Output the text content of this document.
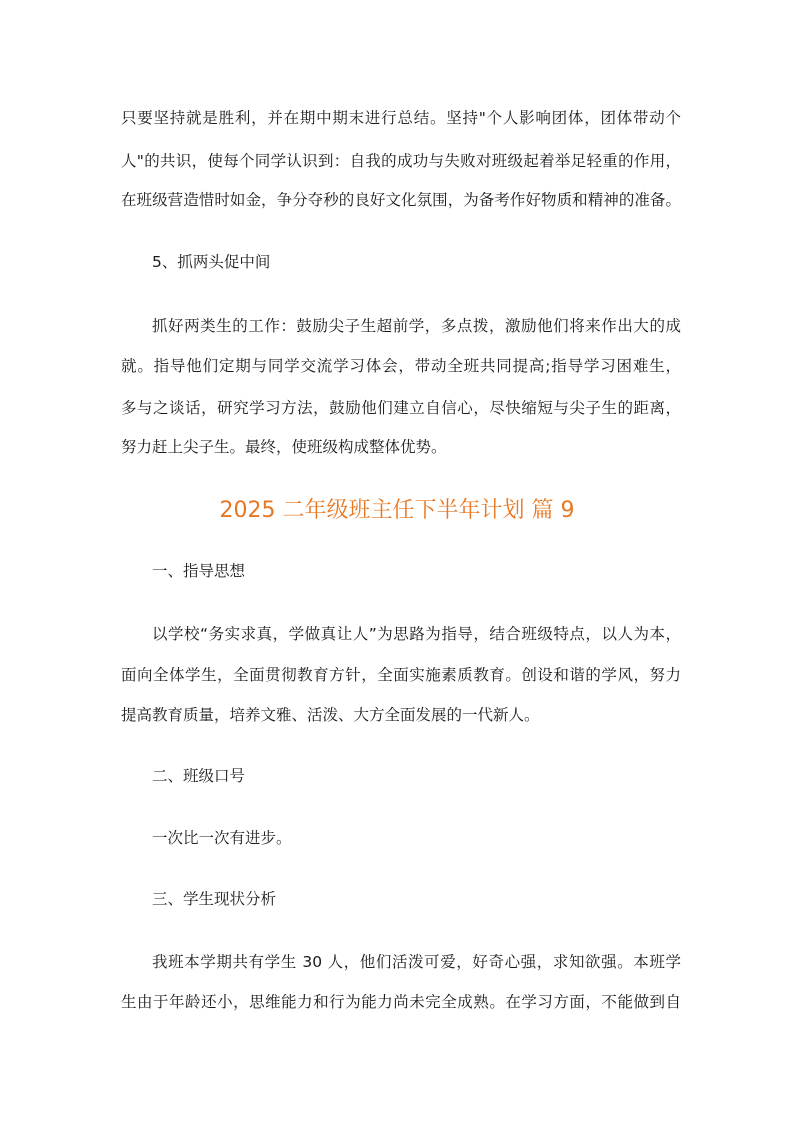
只要坚持就是胜利，并在期中期末进行总结。坚持"个人影响团体，团体带动个
人"的共识，使每个同学认识到：自我的成功与失败对班级起着举足轻重的作用，
在班级营造惜时如金，争分夺秒的良好文化氛围，为备考作好物质和精神的准备。
5、抓两头促中间
抓好两类生的工作：鼓励尖子生超前学，多点拨，激励他们将来作出大的成
就。指导他们定期与同学交流学习体会，带动全班共同提高;指导学习困难生，
多与之谈话，研究学习方法，鼓励他们建立自信心，尽快缩短与尖子生的距离，
努力赶上尖子生。最终，使班级构成整体优势。
2025 二年级班主任下半年计划 篇 9
一、指导思想
以学校“务实求真，学做真让人”为思路为指导，结合班级特点，以人为本，
面向全体学生，全面贯彻教育方针，全面实施素质教育。创设和谐的学风，努力
提高教育质量，培养文雅、活泼、大方全面发展的一代新人。
二、班级口号
一次比一次有进步。
三、学生现状分析
我班本学期共有学生 30 人，他们活泼可爱，好奇心强，求知欲强。本班学
生由于年龄还小，思维能力和行为能力尚未完全成熟。在学习方面，不能做到自
